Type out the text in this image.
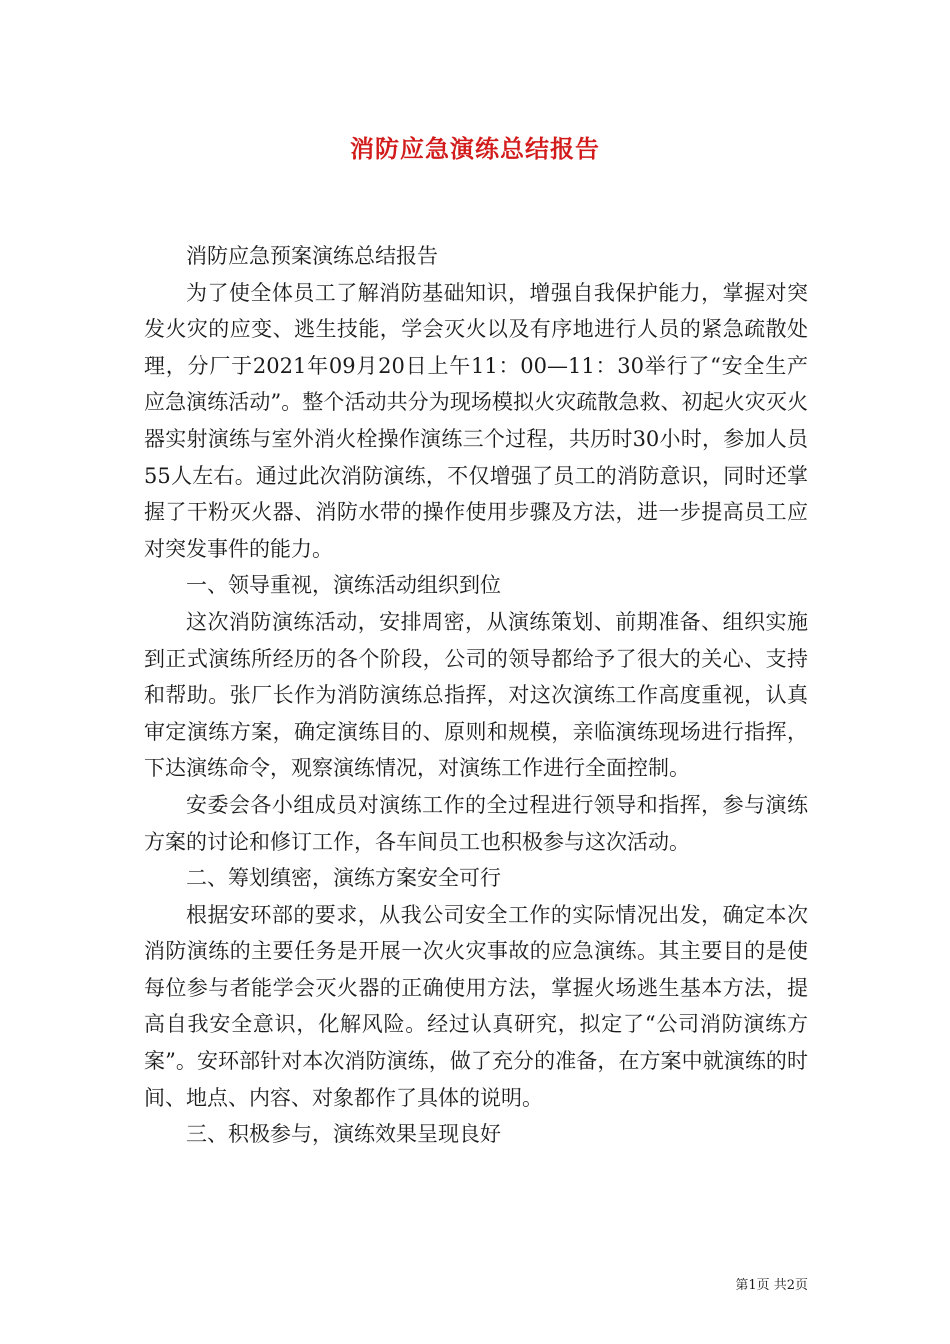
消防应急演练总结报告

消防应急预案演练总结报告

为了使全体员工了解消防基础知识，增强自我保护能力，掌握对突发火灾的应变、逃生技能，学会灭火以及有序地进行人员的紧急疏散处理，分厂于2021年09月20日上午11：00—11：30举行了“安全生产应急演练活动”。整个活动共分为现场模拟火灾疏散急救、初起火灾灭火器实射演练与室外消火栓操作演练三个过程，共历时30小时，参加人员55人左右。通过此次消防演练，不仅增强了员工的消防意识，同时还掌握了干粉灭火器、消防水带的操作使用步骤及方法，进一步提高员工应对突发事件的能力。

一、领导重视，演练活动组织到位

这次消防演练活动，安排周密，从演练策划、前期准备、组织实施到正式演练所经历的各个阶段，公司的领导都给予了很大的关心、支持和帮助。张厂长作为消防演练总指挥，对这次演练工作高度重视，认真审定演练方案，确定演练目的、原则和规模，亲临演练现场进行指挥，下达演练命令，观察演练情况，对演练工作进行全面控制。

安委会各小组成员对演练工作的全过程进行领导和指挥，参与演练方案的讨论和修订工作，各车间员工也积极参与这次活动。

二、筹划缜密，演练方案安全可行

根据安环部的要求，从我公司安全工作的实际情况出发，确定本次消防演练的主要任务是开展一次火灾事故的应急演练。其主要目的是使每位参与者能学会灭火器的正确使用方法，掌握火场逃生基本方法，提高自我安全意识，化解风险。经过认真研究，拟定了“公司消防演练方案”。安环部针对本次消防演练，做了充分的准备，在方案中就演练的时间、地点、内容、对象都作了具体的说明。

三、积极参与，演练效果呈现良好

第1页 共2页
